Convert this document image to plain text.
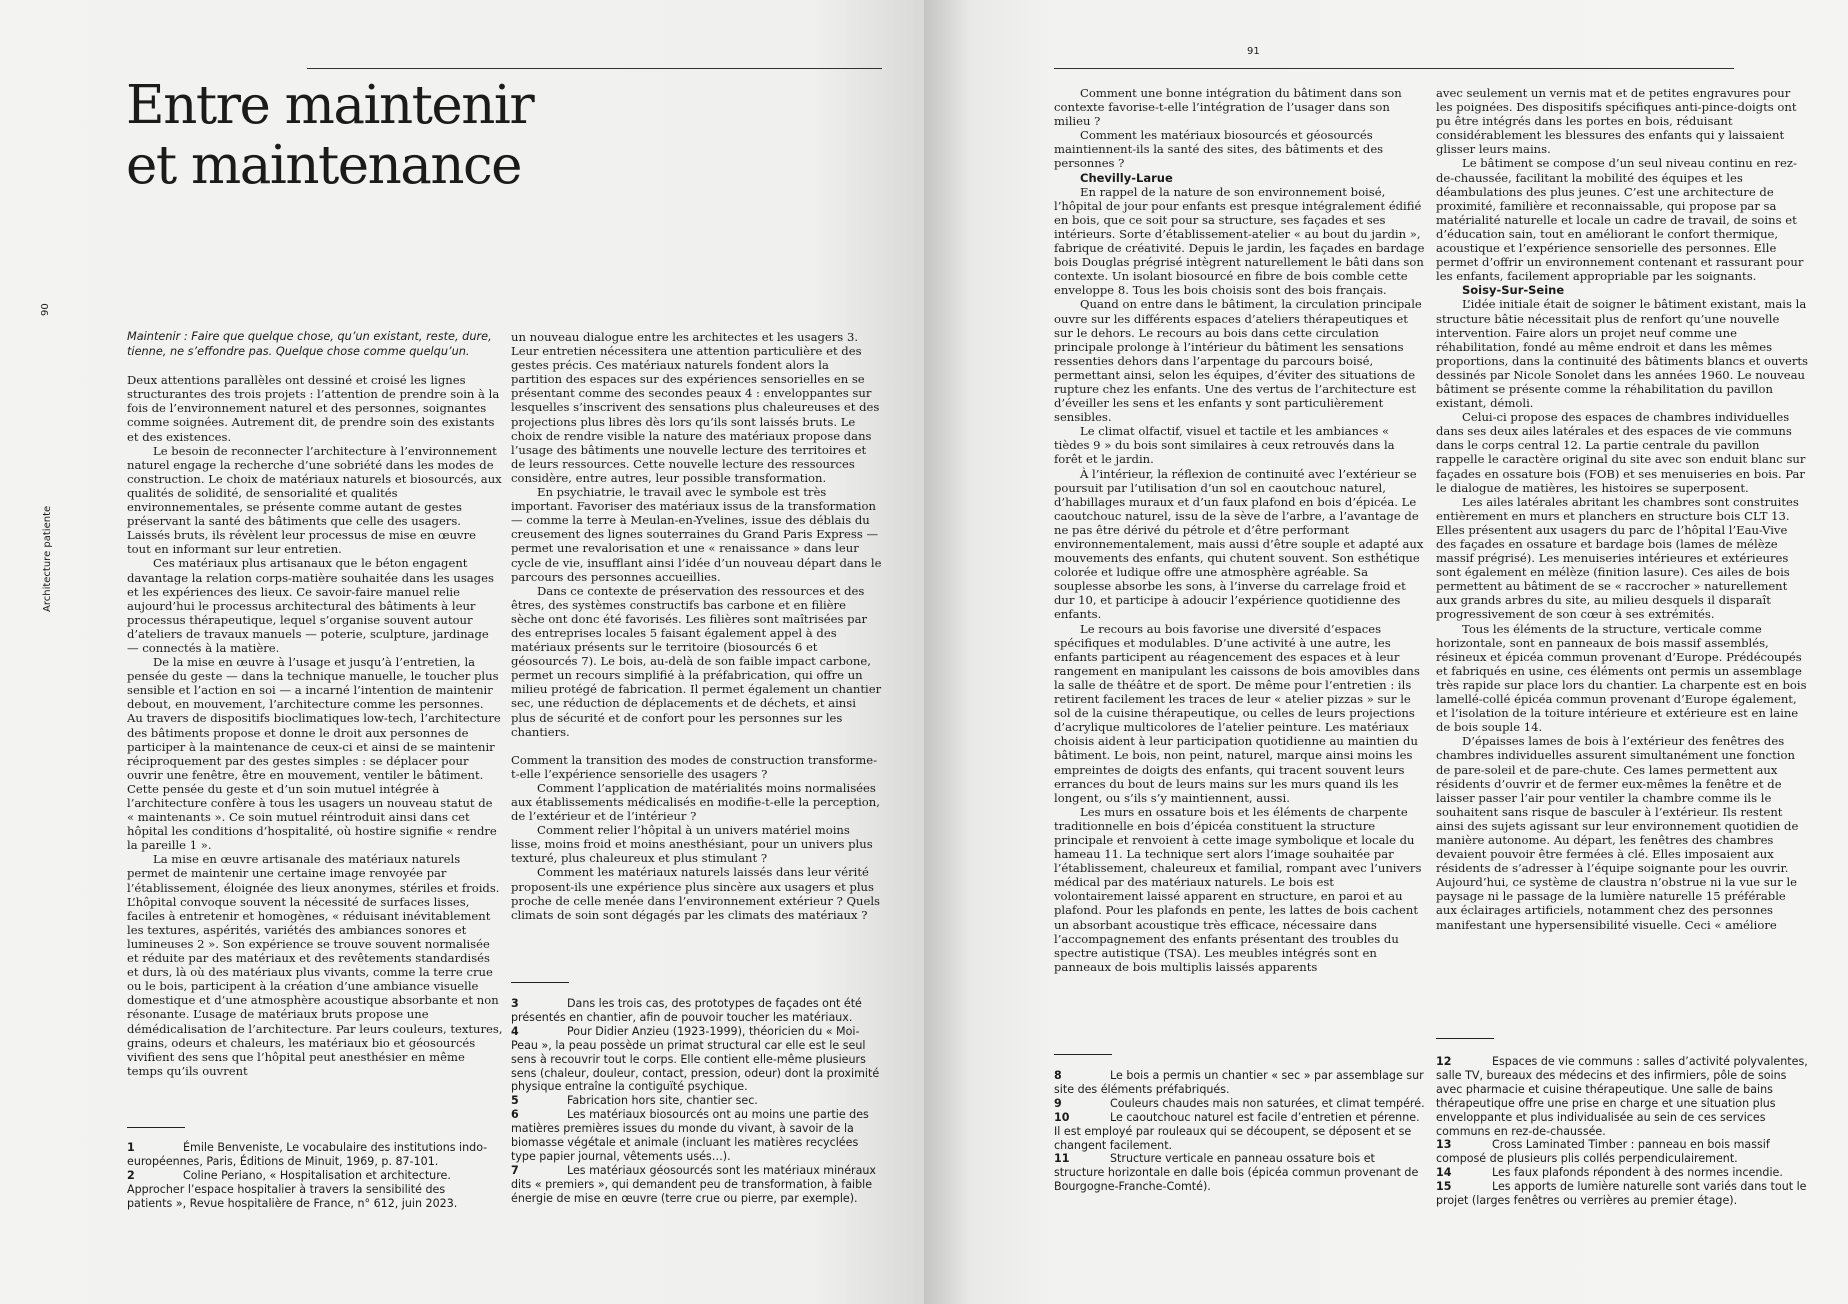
90
Architecture patiente
Entre maintenir
et maintenance

Maintenir : Faire que quelque chose, qu’un existant, reste, dure, tienne, ne s’effondre pas. Quelque chose comme quelqu’un.

Deux attentions parallèles ont dessiné et croisé les lignes structurantes des trois projets : l’attention de prendre soin à la fois de l’environnement naturel et des personnes, soignantes comme soignées. Autrement dit, de prendre soin des existants et des existences.

Le besoin de reconnecter l’architecture à l’environnement naturel engage la recherche d’une sobriété dans les modes de construction. Le choix de matériaux naturels et biosourcés, aux qualités de solidité, de sensorialité et qualités environnementales, se présente comme autant de gestes préservant la santé des bâtiments que celle des usagers. Laissés bruts, ils révèlent leur processus de mise en œuvre tout en informant sur leur entretien.

Ces matériaux plus artisanaux que le béton engagent davantage la relation corps-matière souhaitée dans les usages et les expériences des lieux. Ce savoir-faire manuel relie aujourd’hui le processus architectural des bâtiments à leur processus thérapeutique, lequel s’organise souvent autour d’ateliers de travaux manuels — poterie, sculpture, jardinage — connectés à la matière.

De la mise en œuvre à l’usage et jusqu’à l’entretien, la pensée du geste — dans la technique manuelle, le toucher plus sensible et l’action en soi — a incarné l’intention de maintenir debout, en mouvement, l’architecture comme les personnes. Au travers de dispositifs bioclimatiques low-tech, l’architecture des bâtiments propose et donne le droit aux personnes de participer à la maintenance de ceux-ci et ainsi de se maintenir réciproquement par des gestes simples : se déplacer pour ouvrir une fenêtre, être en mouvement, ventiler le bâtiment. Cette pensée du geste et d’un soin mutuel intégrée à l’architecture confère à tous les usagers un nouveau statut de « maintenants ». Ce soin mutuel réintroduit ainsi dans cet hôpital les conditions d’hospitalité, où hostire signifie « rendre la pareille 1 ».

La mise en œuvre artisanale des matériaux naturels permet de maintenir une certaine image renvoyée par l’établissement, éloignée des lieux anonymes, stériles et froids. L’hôpital convoque souvent la nécessité de surfaces lisses, faciles à entretenir et homogènes, « réduisant inévitablement les textures, aspérités, variétés des ambiances sonores et lumineuses 2 ». Son expérience se trouve souvent normalisée et réduite par des matériaux et des revêtements standardisés et durs, là où des matériaux plus vivants, comme la terre crue ou le bois, participent à la création d’une ambiance visuelle domestique et d’une atmosphère acoustique absorbante et non résonante. L’usage de matériaux bruts propose une démédicalisation de l’architecture. Par leurs couleurs, textures, grains, odeurs et chaleurs, les matériaux bio et géosourcés vivifient des sens que l’hôpital peut anesthésier en même temps qu’ils ouvrent

un nouveau dialogue entre les architectes et les usagers 3. Leur entretien nécessitera une attention particulière et des gestes précis. Ces matériaux naturels fondent alors la partition des espaces sur des expériences sensorielles en se présentant comme des secondes peaux 4 : enveloppantes sur lesquelles s’inscrivent des sensations plus chaleureuses et des projections plus libres dès lors qu’ils sont laissés bruts. Le choix de rendre visible la nature des matériaux propose dans l’usage des bâtiments une nouvelle lecture des territoires et de leurs ressources. Cette nouvelle lecture des ressources considère, entre autres, leur possible transformation.

En psychiatrie, le travail avec le symbole est très important. Favoriser des matériaux issus de la transformation — comme la terre à Meulan-en-Yvelines, issue des déblais du creusement des lignes souterraines du Grand Paris Express — permet une revalorisation et une « renaissance » dans leur cycle de vie, insufflant ainsi l’idée d’un nouveau départ dans le parcours des personnes accueillies.

Dans ce contexte de préservation des ressources et des êtres, des systèmes constructifs bas carbone et en filière sèche ont donc été favorisés. Les filières sont maîtrisées par des entreprises locales 5 faisant également appel à des matériaux présents sur le territoire (biosourcés 6 et géosourcés 7). Le bois, au-delà de son faible impact carbone, permet un recours simplifié à la préfabrication, qui offre un milieu protégé de fabrication. Il permet également un chantier sec, une réduction de déplacements et de déchets, et ainsi plus de sécurité et de confort pour les personnes sur les chantiers.

Comment la transition des modes de construction transforme-t-elle l’expérience sensorielle des usagers ?

Comment l’application de matérialités moins normalisées aux établissements médicalisés en modifie-t-elle la perception, de l’extérieur et de l’intérieur ?

Comment relier l’hôpital à un univers matériel moins lisse, moins froid et moins anesthésiant, pour un univers plus texturé, plus chaleureux et plus stimulant ?

Comment les matériaux naturels laissés dans leur vérité proposent-ils une expérience plus sincère aux usagers et plus proche de celle menée dans l’environnement extérieur ? Quels climats de soin sont dégagés par les climats des matériaux ?

1	Émile Benveniste, Le vocabulaire des institutions indo-européennes, Paris, Éditions de Minuit, 1969, p. 87-101.

2	Coline Periano, « Hospitalisation et architecture. Approcher l’espace hospitalier à travers la sensibilité des patients », Revue hospitalière de France, n° 612, juin 2023.

3	Dans les trois cas, des prototypes de façades ont été présentés en chantier, afin de pouvoir toucher les matériaux.

4	Pour Didier Anzieu (1923-1999), théoricien du « Moi-Peau », la peau possède un primat structural car elle est le seul sens à recouvrir tout le corps. Elle contient elle-même plusieurs sens (chaleur, douleur, contact, pression, odeur) dont la proximité physique entraîne la contiguïté psychique.

5	Fabrication hors site, chantier sec.

6	Les matériaux biosourcés ont au moins une partie des matières premières issues du monde du vivant, à savoir de la biomasse végétale et animale (incluant les matières recyclées type papier journal, vêtements usés…).

7	Les matériaux géosourcés sont les matériaux minéraux dits « premiers », qui demandent peu de transformation, à faible énergie de mise en œuvre (terre crue ou pierre, par exemple).

91

Comment une bonne intégration du bâtiment dans son contexte favorise-t-elle l’intégration de l’usager dans son milieu ?

Comment les matériaux biosourcés et géosourcés maintiennent-ils la santé des sites, des bâtiments et des personnes ?

Chevilly-Larue

En rappel de la nature de son environnement boisé, l’hôpital de jour pour enfants est presque intégralement édifié en bois, que ce soit pour sa structure, ses façades et ses intérieurs. Sorte d’établissement-atelier « au bout du jardin », fabrique de créativité. Depuis le jardin, les façades en bardage bois Douglas prégrisé intègrent naturellement le bâti dans son contexte. Un isolant biosourcé en fibre de bois comble cette enveloppe 8. Tous les bois choisis sont des bois français.

Quand on entre dans le bâtiment, la circulation principale ouvre sur les différents espaces d’ateliers thérapeutiques et sur le dehors. Le recours au bois dans cette circulation principale prolonge à l’intérieur du bâtiment les sensations ressenties dehors dans l’arpentage du parcours boisé, permettant ainsi, selon les équipes, d’éviter des situations de rupture chez les enfants. Une des vertus de l’architecture est d’éveiller les sens et les enfants y sont particulièrement sensibles.

Le climat olfactif, visuel et tactile et les ambiances « tièdes 9 » du bois sont similaires à ceux retrouvés dans la forêt et le jardin.

À l’intérieur, la réflexion de continuité avec l’extérieur se poursuit par l’utilisation d’un sol en caoutchouc naturel, d’habillages muraux et d’un faux plafond en bois d’épicéa. Le caoutchouc naturel, issu de la sève de l’arbre, a l’avantage de ne pas être dérivé du pétrole et d’être performant environnementalement, mais aussi d’être souple et adapté aux mouvements des enfants, qui chutent souvent. Son esthétique colorée et ludique offre une atmosphère agréable. Sa souplesse absorbe les sons, à l’inverse du carrelage froid et dur 10, et participe à adoucir l’expérience quotidienne des enfants.

Le recours au bois favorise une diversité d’espaces spécifiques et modulables. D’une activité à une autre, les enfants participent au réagencement des espaces et à leur rangement en manipulant les caissons de bois amovibles dans la salle de théâtre et de sport. De même pour l’entretien : ils retirent facilement les traces de leur « atelier pizzas » sur le sol de la cuisine thérapeutique, ou celles de leurs projections d’acrylique multicolores de l’atelier peinture. Les matériaux choisis aident à leur participation quotidienne au maintien du bâtiment. Le bois, non peint, naturel, marque ainsi moins les empreintes de doigts des enfants, qui tracent souvent leurs errances du bout de leurs mains sur les murs quand ils les longent, ou s’ils s’y maintiennent, aussi.

Les murs en ossature bois et les éléments de charpente traditionnelle en bois d’épicéa constituent la structure principale et renvoient à cette image symbolique et locale du hameau 11. La technique sert alors l’image souhaitée par l’établissement, chaleureux et familial, rompant avec l’univers médical par des matériaux naturels. Le bois est volontairement laissé apparent en structure, en paroi et au plafond. Pour les plafonds en pente, les lattes de bois cachent un absorbant acoustique très efficace, nécessaire dans l’accompagnement des enfants présentant des troubles du spectre autistique (TSA). Les meubles intégrés sont en panneaux de bois multiplis laissés apparents

avec seulement un vernis mat et de petites engravures pour les poignées. Des dispositifs spécifiques anti-pince-doigts ont pu être intégrés dans les portes en bois, réduisant considérablement les blessures des enfants qui y laissaient glisser leurs mains.

Le bâtiment se compose d’un seul niveau continu en rez-de-chaussée, facilitant la mobilité des équipes et les déambulations des plus jeunes. C’est une architecture de proximité, familière et reconnaissable, qui propose par sa matérialité naturelle et locale un cadre de travail, de soins et d’éducation sain, tout en améliorant le confort thermique, acoustique et l’expérience sensorielle des personnes. Elle permet d’offrir un environnement contenant et rassurant pour les enfants, facilement appropriable par les soignants.

Soisy-Sur-Seine

L’idée initiale était de soigner le bâtiment existant, mais la structure bâtie nécessitait plus de renfort qu’une nouvelle intervention. Faire alors un projet neuf comme une réhabilitation, fondé au même endroit et dans les mêmes proportions, dans la continuité des bâtiments blancs et ouverts dessinés par Nicole Sonolet dans les années 1960. Le nouveau bâtiment se présente comme la réhabilitation du pavillon existant, démoli.

Celui-ci propose des espaces de chambres individuelles dans ses deux ailes latérales et des espaces de vie communs dans le corps central 12. La partie centrale du pavillon rappelle le caractère original du site avec son enduit blanc sur façades en ossature bois (FOB) et ses menuiseries en bois. Par le dialogue de matières, les histoires se superposent.

Les ailes latérales abritant les chambres sont construites entièrement en murs et planchers en structure bois CLT 13. Elles présentent aux usagers du parc de l’hôpital l’Eau-Vive des façades en ossature et bardage bois (lames de mélèze massif prégrisé). Les menuiseries intérieures et extérieures sont également en mélèze (finition lasure). Ces ailes de bois permettent au bâtiment de se « raccrocher » naturellement aux grands arbres du site, au milieu desquels il disparaît progressivement de son cœur à ses extrémités.

Tous les éléments de la structure, verticale comme horizontale, sont en panneaux de bois massif assemblés, résineux et épicéa commun provenant d’Europe. Prédécoupés et fabriqués en usine, ces éléments ont permis un assemblage très rapide sur place lors du chantier. La charpente est en bois lamellé-collé épicéa commun provenant d’Europe également, et l’isolation de la toiture intérieure et extérieure est en laine de bois souple 14.

D’épaisses lames de bois à l’extérieur des fenêtres des chambres individuelles assurent simultanément une fonction de pare-soleil et de pare-chute. Ces lames permettent aux résidents d’ouvrir et de fermer eux-mêmes la fenêtre et de laisser passer l’air pour ventiler la chambre comme ils le souhaitent sans risque de basculer à l’extérieur. Ils restent ainsi des sujets agissant sur leur environnement quotidien de manière autonome. Au départ, les fenêtres des chambres devaient pouvoir être fermées à clé. Elles imposaient aux résidents de s’adresser à l’équipe soignante pour les ouvrir. Aujourd’hui, ce système de claustra n’obstrue ni la vue sur le paysage ni le passage de la lumière naturelle 15 préférable aux éclairages artificiels, notamment chez des personnes manifestant une hypersensibilité visuelle. Ceci « améliore

8	Le bois a permis un chantier « sec » par assemblage sur site des éléments préfabriqués.

9	Couleurs chaudes mais non saturées, et climat tempéré.

10	Le caoutchouc naturel est facile d’entretien et pérenne. Il est employé par rouleaux qui se découpent, se déposent et se changent facilement.

11	Structure verticale en panneau ossature bois et structure horizontale en dalle bois (épicéa commun provenant de Bourgogne-Franche-Comté).

12	Espaces de vie communs : salles d’activité polyvalentes, salle TV, bureaux des médecins et des infirmiers, pôle de soins avec pharmacie et cuisine thérapeutique. Une salle de bains thérapeutique offre une prise en charge et une situation plus enveloppante et plus individualisée au sein de ces services communs en rez-de-chaussée.

13	Cross Laminated Timber : panneau en bois massif composé de plusieurs plis collés perpendiculairement.

14	Les faux plafonds répondent à des normes incendie.

15	Les apports de lumière naturelle sont variés dans tout le projet (larges fenêtres ou verrières au premier étage).
